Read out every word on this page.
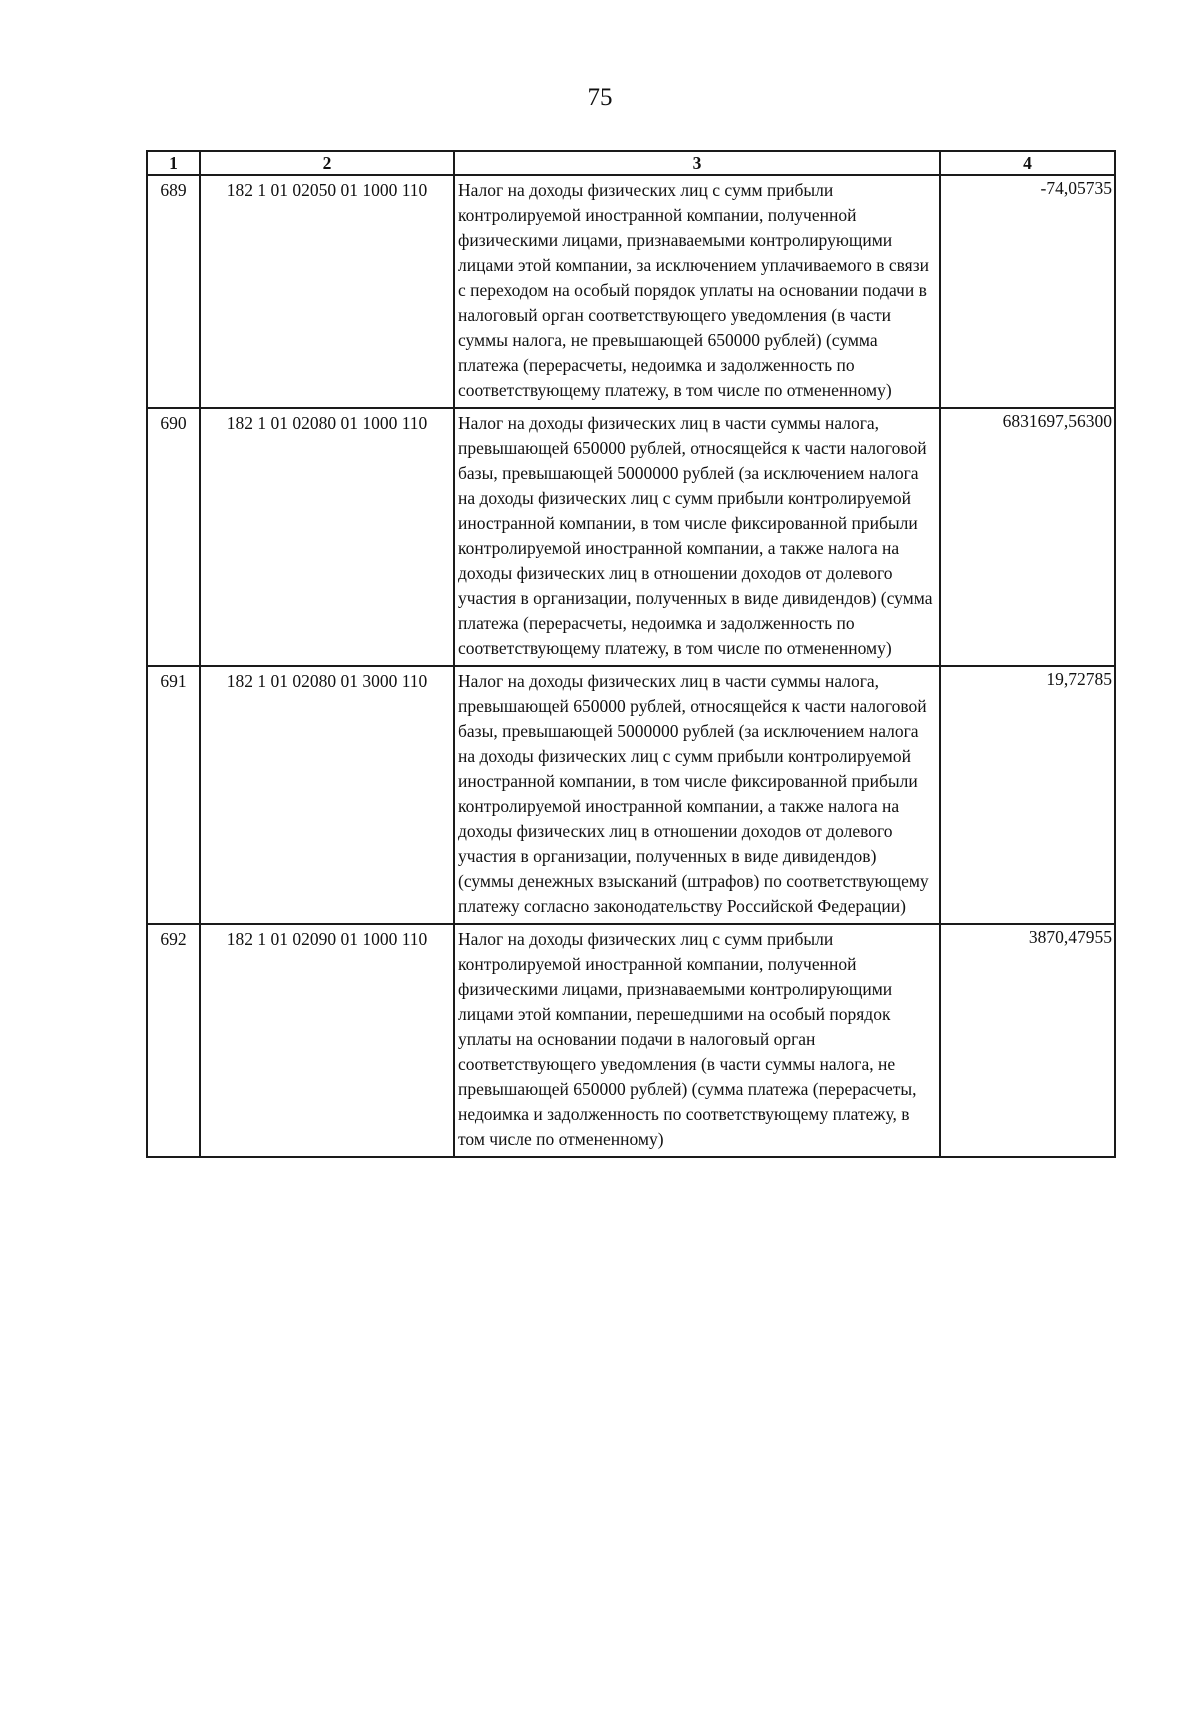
75
1	2	3	4
689	182 1 01 02050 01 1000 110	Налог на доходы физических лиц с сумм прибыли контролируемой иностранной компании, полученной физическими лицами, признаваемыми контролирующими лицами этой компании, за исключением уплачиваемого в связи с переходом на особый порядок уплаты на основании подачи в налоговый орган соответствующего уведомления (в части суммы налога, не превышающей 650000 рублей) (сумма платежа (перерасчеты, недоимка и задолженность по соответствующему платежу, в том числе по отмененному)	-74,05735
690	182 1 01 02080 01 1000 110	Налог на доходы физических лиц в части суммы налога, превышающей 650000 рублей, относящейся к части налоговой базы, превышающей 5000000 рублей (за исключением налога на доходы физических лиц с сумм прибыли контролируемой иностранной компании, в том числе фиксированной прибыли контролируемой иностранной компании, а также налога на доходы физических лиц в отношении доходов от долевого участия в организации, полученных в виде дивидендов) (сумма платежа (перерасчеты, недоимка и задолженность по соответствующему платежу, в том числе по отмененному)	6831697,56300
691	182 1 01 02080 01 3000 110	Налог на доходы физических лиц в части суммы налога, превышающей 650000 рублей, относящейся к части налоговой базы, превышающей 5000000 рублей (за исключением налога на доходы физических лиц с сумм прибыли контролируемой иностранной компании, в том числе фиксированной прибыли контролируемой иностранной компании, а также налога на доходы физических лиц в отношении доходов от долевого участия в организации, полученных в виде дивидендов) (суммы денежных взысканий (штрафов) по соответствующему платежу согласно законодательству Российской Федерации)	19,72785
692	182 1 01 02090 01 1000 110	Налог на доходы физических лиц с сумм прибыли контролируемой иностранной компании, полученной физическими лицами, признаваемыми контролирующими лицами этой компании, перешедшими на особый порядок уплаты на основании подачи в налоговый орган соответствующего уведомления (в части суммы налога, не превышающей 650000 рублей) (сумма платежа (перерасчеты, недоимка и задолженность по соответствующему платежу, в том числе по отмененному)	3870,47955
